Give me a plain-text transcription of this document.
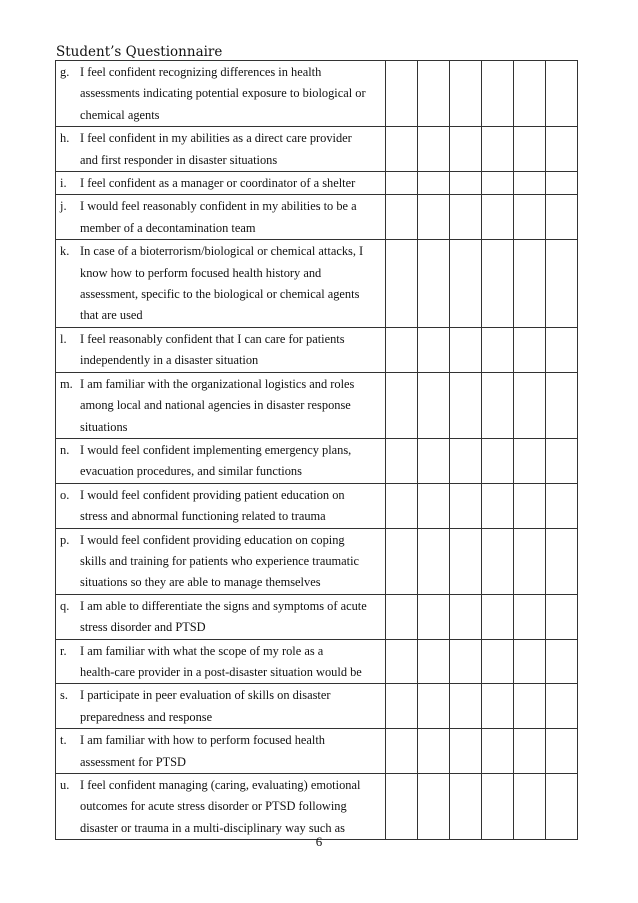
Student’s Questionnaire
g. I feel confident recognizing differences in health
assessments indicating potential exposure to biological or
chemical agents						

h. I feel confident in my abilities as a direct care provider
and first responder in disaster situations						

i. I feel confident as a manager or coordinator of a shelter						

j. I would feel reasonably confident in my abilities to be a
member of a decontamination team						

k. In case of a bioterrorism/biological or chemical attacks, I
know how to perform focused health history and
assessment, specific to the biological or chemical agents
that are used						

l. I feel reasonably confident that I can care for patients
independently in a disaster situation						

m. I am familiar with the organizational logistics and roles
among local and national agencies in disaster response
situations						

n. I would feel confident implementing emergency plans,
evacuation procedures, and similar functions						

o. I would feel confident providing patient education on
stress and abnormal functioning related to trauma						

p. I would feel confident providing education on coping
skills and training for patients who experience traumatic
situations so they are able to manage themselves						

q. I am able to differentiate the signs and symptoms of acute
stress disorder and PTSD						

r. I am familiar with what the scope of my role as a
health-care provider in a post-disaster situation would be						

s. I participate in peer evaluation of skills on disaster
preparedness and response						

t. I am familiar with how to perform focused health
assessment for PTSD						

u. I feel confident managing (caring, evaluating) emotional
outcomes for acute stress disorder or PTSD following
disaster or trauma in a multi-disciplinary way such as						

6
